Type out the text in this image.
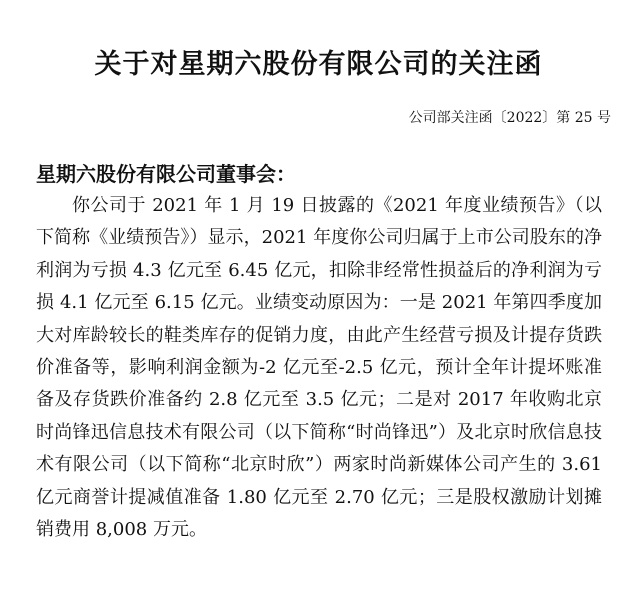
关于对星期六股份有限公司的关注函
公司部关注函〔2022〕第 25 号
星期六股份有限公司董事会：

你公司于 2021 年 1 月 19 日披露的《2021 年度业绩预告》（以下简称《业绩预告》）显示，2021 年度你公司归属于上市公司股东的净利润为亏损 4.3 亿元至 6.45 亿元，扣除非经常性损益后的净利润为亏损 4.1 亿元至 6.15 亿元。业绩变动原因为：一是 2021 年第四季度加大对库龄较长的鞋类库存的促销力度，由此产生经营亏损及计提存货跌价准备等，影响利润金额为-2 亿元至-2.5 亿元，预计全年计提坏账准备及存货跌价准备约 2.8 亿元至 3.5 亿元；二是对 2017 年收购北京时尚锋迅信息技术有限公司（以下简称“时尚锋迅”）及北京时欣信息技术有限公司（以下简称“北京时欣”）两家时尚新媒体公司产生的 3.61 亿元商誉计提减值准备 1.80 亿元至 2.70 亿元；三是股权激励计划摊销费用 8,008 万元。
